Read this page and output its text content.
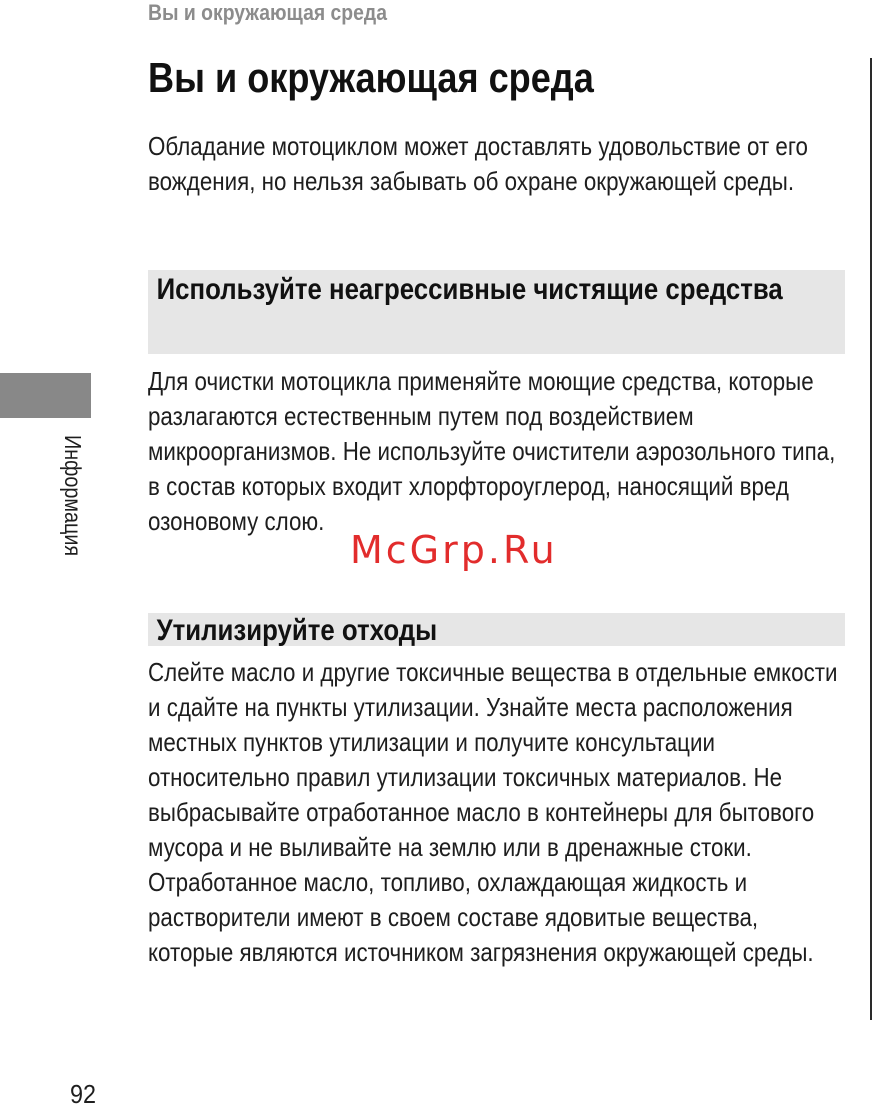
Вы и окружающая среда
Вы и окружающая среда

Обладание мотоциклом может доставлять удовольствие от его вождения, но нельзя забывать об охране окружающей среды.

Используйте неагрессивные чистящие средства

Для очистки мотоцикла применяйте моющие средства, которые разлагаются естественным путем под воздействием микроорганизмов. Не используйте очистители аэрозольного типа, в состав которых входит хлорфтороуглерод, наносящий вред озоновому слою.

Утилизируйте отходы

Слейте масло и другие токсичные вещества в отдельные емкости и сдайте на пункты утилизации. Узнайте места расположения местных пунктов утилизации и получите консультации относительно правил утилизации токсичных материалов. Не выбрасывайте отработанное масло в контейнеры для бытового мусора и не выливайте на землю или в дренажные стоки. Отработанное масло, топливо, охлаждающая жидкость и растворители имеют в своем составе ядовитые вещества, которые являются источником загрязнения окружающей среды.

Информация	McGrp.Ru
92
